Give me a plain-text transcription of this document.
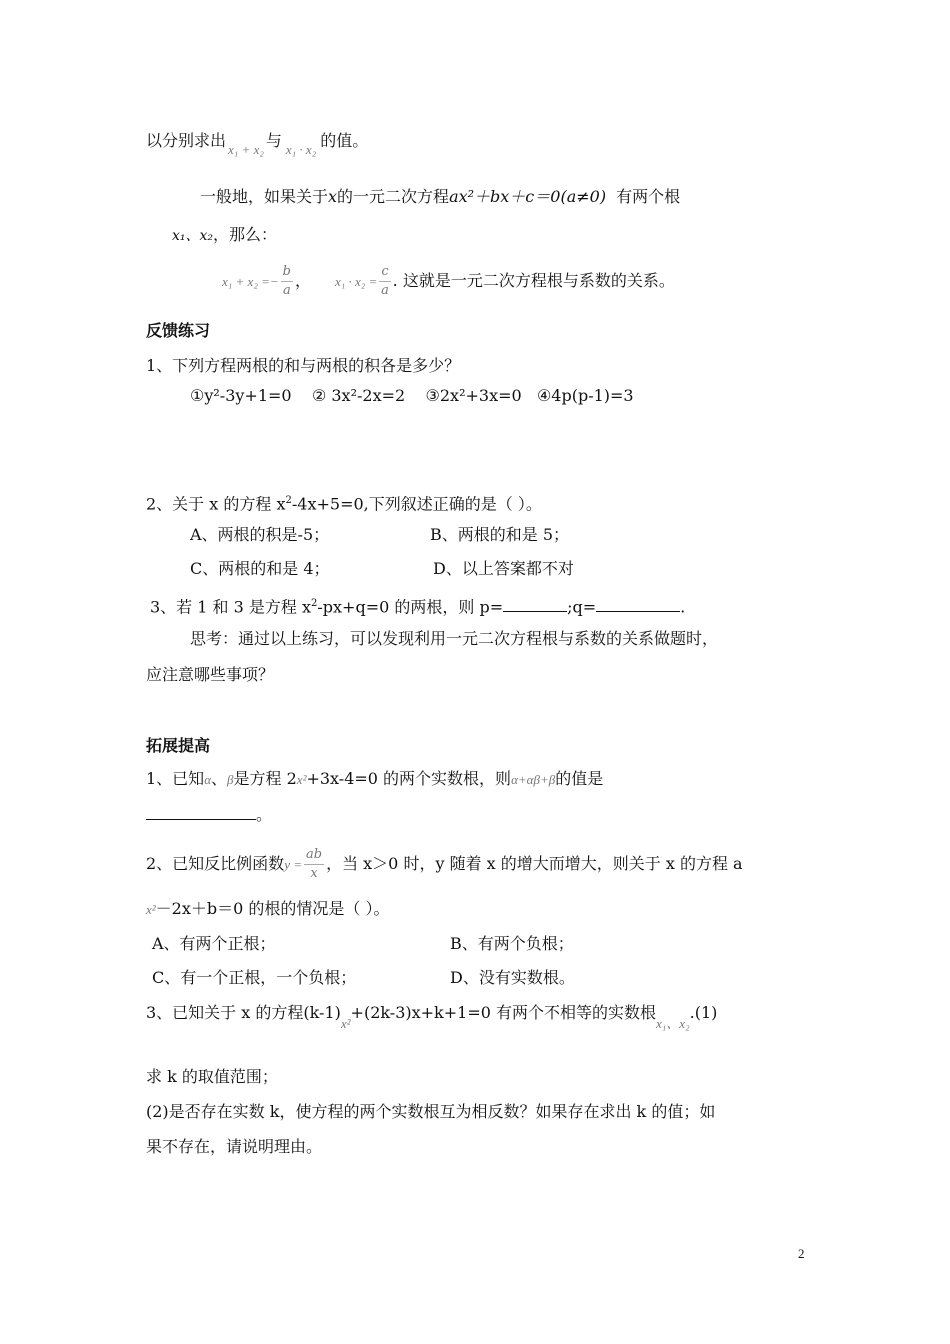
以分别求出 $_{x_1 + x_2}$ 与 $_{x_1 \cdot x_2}$ 的值。
一般地，如果关于x的一元二次方程ax²＋bx＋c＝0(a≠0) 有两个根
x₁、x₂，那么：
$x_1 + x_2 =- \frac{b}{a}$ ， $x_1 \cdot x_2 = \frac{c}{a}$ . 这就是一元二次方程根与系数的关系。
反馈练习
1、下列方程两根的和与两根的积各是多少？
①y²-3y+1=0    ② 3x²-2x=2    ③2x²+3x=0   ④4p(p-1)=3
2、关于 x 的方程 $x^2-4x+5=0$,下列叙述正确的是（ ）。
A、两根的积是-5；	B、两根的和是 5；
C、两根的和是 4；	D、以上答案都不对
3、若 1 和 3 是方程 $x^2-px+q=0$ 的两根，则 p=	;q=	.
思考：通过以上练习，可以发现利用一元二次方程根与系数的关系做题时，
应注意哪些事项？
拓展提高
1、已知α、β是方程 2x²+3x-4=0 的两个实数根，则α+αβ+β的值是
。
2、已知反比例函数$y = \frac{ab}{x}$ ，当 x＞0 时，y 随着 x 的增大而增大，则关于 x 的方程 a
x²－2x＋b＝0 的根的情况是（ ）。
A、有两个正根；	B、有两个负根；
C、有一个正根，一个负根；	D、没有实数根。
3、已知关于 x 的方程$(k-1)_{x^2}+(2k-3)x+k+1=0$ 有两个不相等的实数根$_{x_1、x_2}$.(1)
求 k 的取值范围；
(2)是否存在实数 k，使方程的两个实数根互为相反数？如果存在求出 k 的值；如
果不存在，请说明理由。
2
